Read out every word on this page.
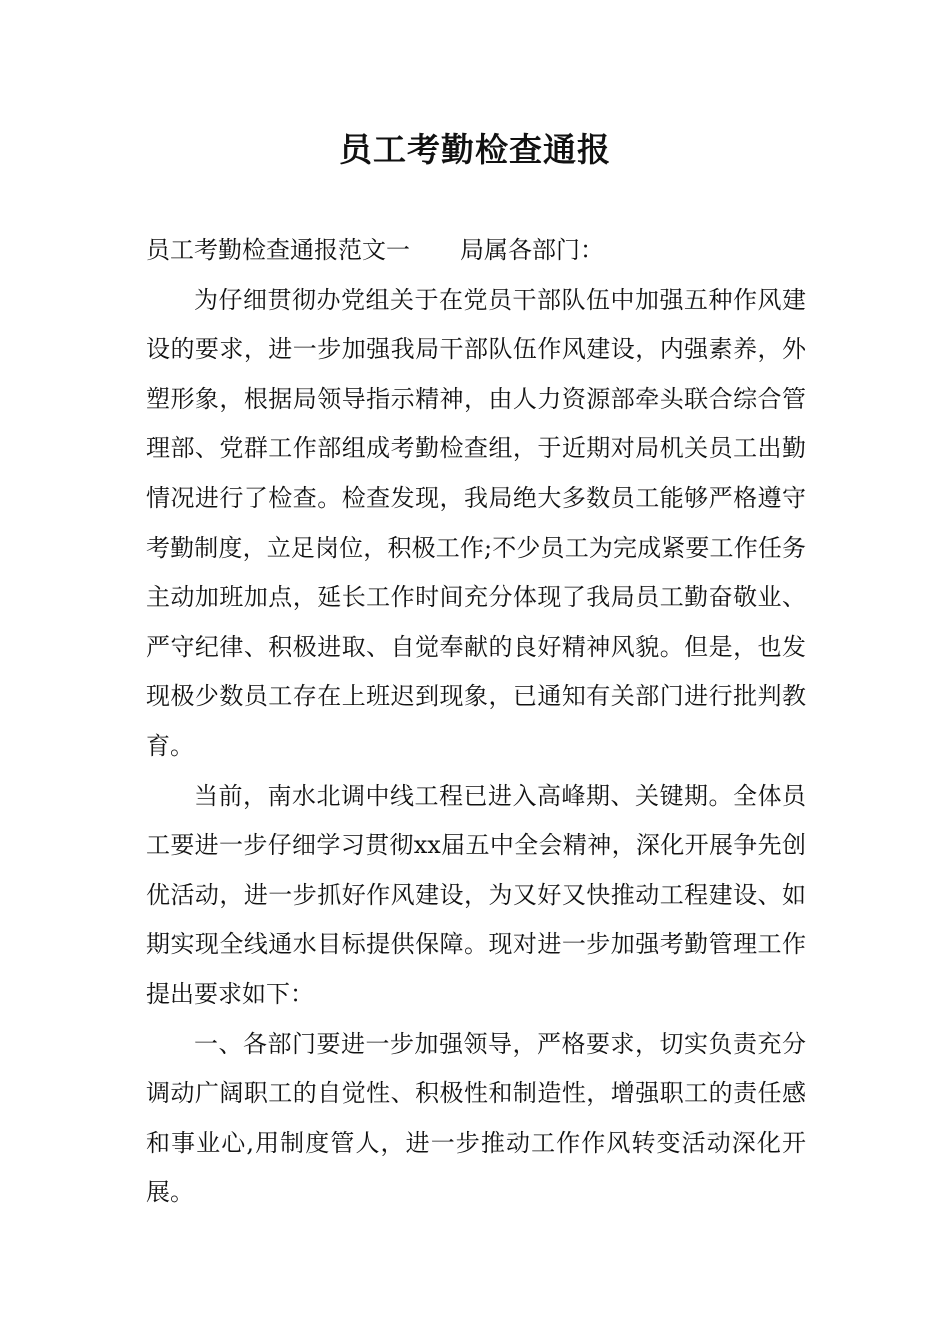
员工考勤检查通报

员工考勤检查通报范文一 局属各部门：

为仔细贯彻办党组关于在党员干部队伍中加强五种作风建设的要求，进一步加强我局干部队伍作风建设，内强素养，外塑形象，根据局领导指示精神，由人力资源部牵头联合综合管理部、党群工作部组成考勤检查组，于近期对局机关员工出勤情况进行了检查。检查发现，我局绝大多数员工能够严格遵守考勤制度，立足岗位，积极工作;不少员工为完成紧要工作任务主动加班加点，延长工作时间充分体现了我局员工勤奋敬业、严守纪律、积极进取、自觉奉献的良好精神风貌。但是，也发现极少数员工存在上班迟到现象，已通知有关部门进行批判教育。

当前，南水北调中线工程已进入高峰期、关键期。全体员工要进一步仔细学习贯彻xx届五中全会精神，深化开展争先创优活动，进一步抓好作风建设，为又好又快推动工程建设、如期实现全线通水目标提供保障。现对进一步加强考勤管理工作提出要求如下：

一、各部门要进一步加强领导，严格要求，切实负责充分调动广阔职工的自觉性、积极性和制造性，增强职工的责任感和事业心,用制度管人，进一步推动工作作风转变活动深化开展。
